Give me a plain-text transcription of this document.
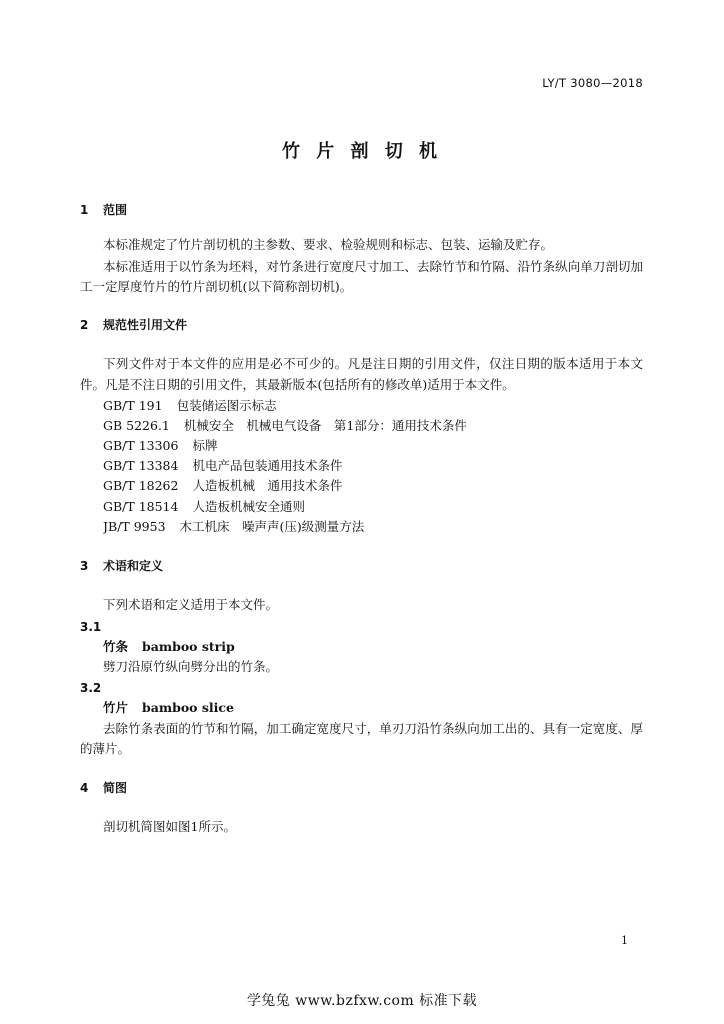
LY/T 3080—2018
竹 片 剖 切 机
1 范围
本标准规定了竹片剖切机的主参数、要求、检验规则和标志、包装、运输及贮存。
本标准适用于以竹条为坯料，对竹条进行宽度尺寸加工、去除竹节和竹隔、沿竹条纵向单刀剖切加
工一定厚度竹片的竹片剖切机(以下简称剖切机)。
2 规范性引用文件
下列文件对于本文件的应用是必不可少的。凡是注日期的引用文件，仅注日期的版本适用于本文
件。凡是不注日期的引用文件，其最新版本(包括所有的修改单)适用于本文件。
GB/T 191 包装储运图示标志
GB 5226.1 机械安全　机械电气设备　第1部分：通用技术条件
GB/T 13306 标牌
GB/T 13384 机电产品包装通用技术条件
GB/T 18262 人造板机械　通用技术条件
GB/T 18514 人造板机械安全通则
JB/T 9953 木工机床　噪声声(压)级测量方法
3 术语和定义
下列术语和定义适用于本文件。
3.1
竹条 bamboo strip
劈刀沿原竹纵向劈分出的竹条。
3.2
竹片 bamboo slice
去除竹条表面的竹节和竹隔，加工确定宽度尺寸，单刃刀沿竹条纵向加工出的、具有一定宽度、厚
的薄片。
4 简图
剖切机简图如图1所示。
1
学兔兔 www.bzfxw.com 标准下载
